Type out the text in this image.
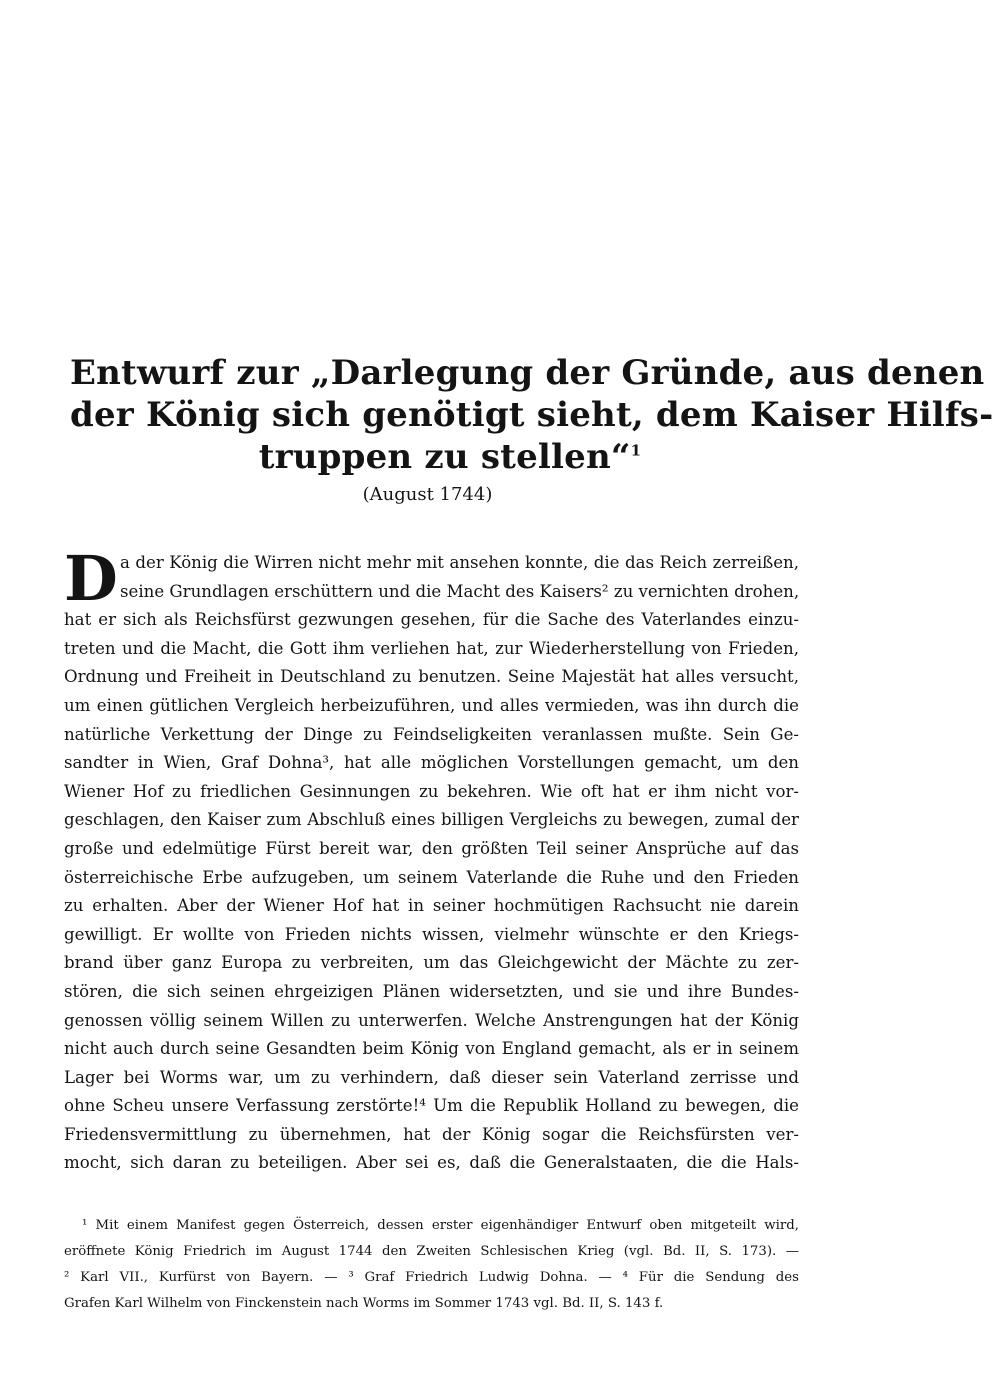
Entwurf zur „Darlegung der Gründe, aus denen
der König sich genötigt sieht, dem Kaiser Hilfs-
truppen zu stellen“$^1$
(August 1744)
D a der König die Wirren nicht mehr mit ansehen konnte, die das Reich zerreißen,
seine Grundlagen erschüttern und die Macht des Kaisers² zu vernichten drohen,
hat er sich als Reichsfürst gezwungen gesehen, für die Sache des Vaterlandes einzu-
treten und die Macht, die Gott ihm verliehen hat, zur Wiederherstellung von Frieden,
Ordnung und Freiheit in Deutschland zu benutzen. Seine Majestät hat alles versucht,
um einen gütlichen Vergleich herbeizuführen, und alles vermieden, was ihn durch die
natürliche Verkettung der Dinge zu Feindseligkeiten veranlassen mußte. Sein Ge-
sandter in Wien, Graf Dohna³, hat alle möglichen Vorstellungen gemacht, um den
Wiener Hof zu friedlichen Gesinnungen zu bekehren. Wie oft hat er ihm nicht vor-
geschlagen, den Kaiser zum Abschluß eines billigen Vergleichs zu bewegen, zumal der
große und edelmütige Fürst bereit war, den größten Teil seiner Ansprüche auf das
österreichische Erbe aufzugeben, um seinem Vaterlande die Ruhe und den Frieden
zu erhalten. Aber der Wiener Hof hat in seiner hochmütigen Rachsucht nie darein
gewilligt. Er wollte von Frieden nichts wissen, vielmehr wünschte er den Kriegs-
brand über ganz Europa zu verbreiten, um das Gleichgewicht der Mächte zu zer-
stören, die sich seinen ehrgeizigen Plänen widersetzten, und sie und ihre Bundes-
genossen völlig seinem Willen zu unterwerfen. Welche Anstrengungen hat der König
nicht auch durch seine Gesandten beim König von England gemacht, als er in seinem
Lager bei Worms war, um zu verhindern, daß dieser sein Vaterland zerrisse und
ohne Scheu unsere Verfassung zerstörte!⁴ Um die Republik Holland zu bewegen, die
Friedensvermittlung zu übernehmen, hat der König sogar die Reichsfürsten ver-
mocht, sich daran zu beteiligen. Aber sei es, daß die Generalstaaten, die die Hals-
¹ Mit einem Manifest gegen Österreich, dessen erster eigenhändiger Entwurf oben mitgeteilt wird,
eröffnete König Friedrich im August 1744 den Zweiten Schlesischen Krieg (vgl. Bd. II, S. 173). —
² Karl VII., Kurfürst von Bayern. — ³ Graf Friedrich Ludwig Dohna. — ⁴ Für die Sendung des
Grafen Karl Wilhelm von Finckenstein nach Worms im Sommer 1743 vgl. Bd. II, S. 143 f.
